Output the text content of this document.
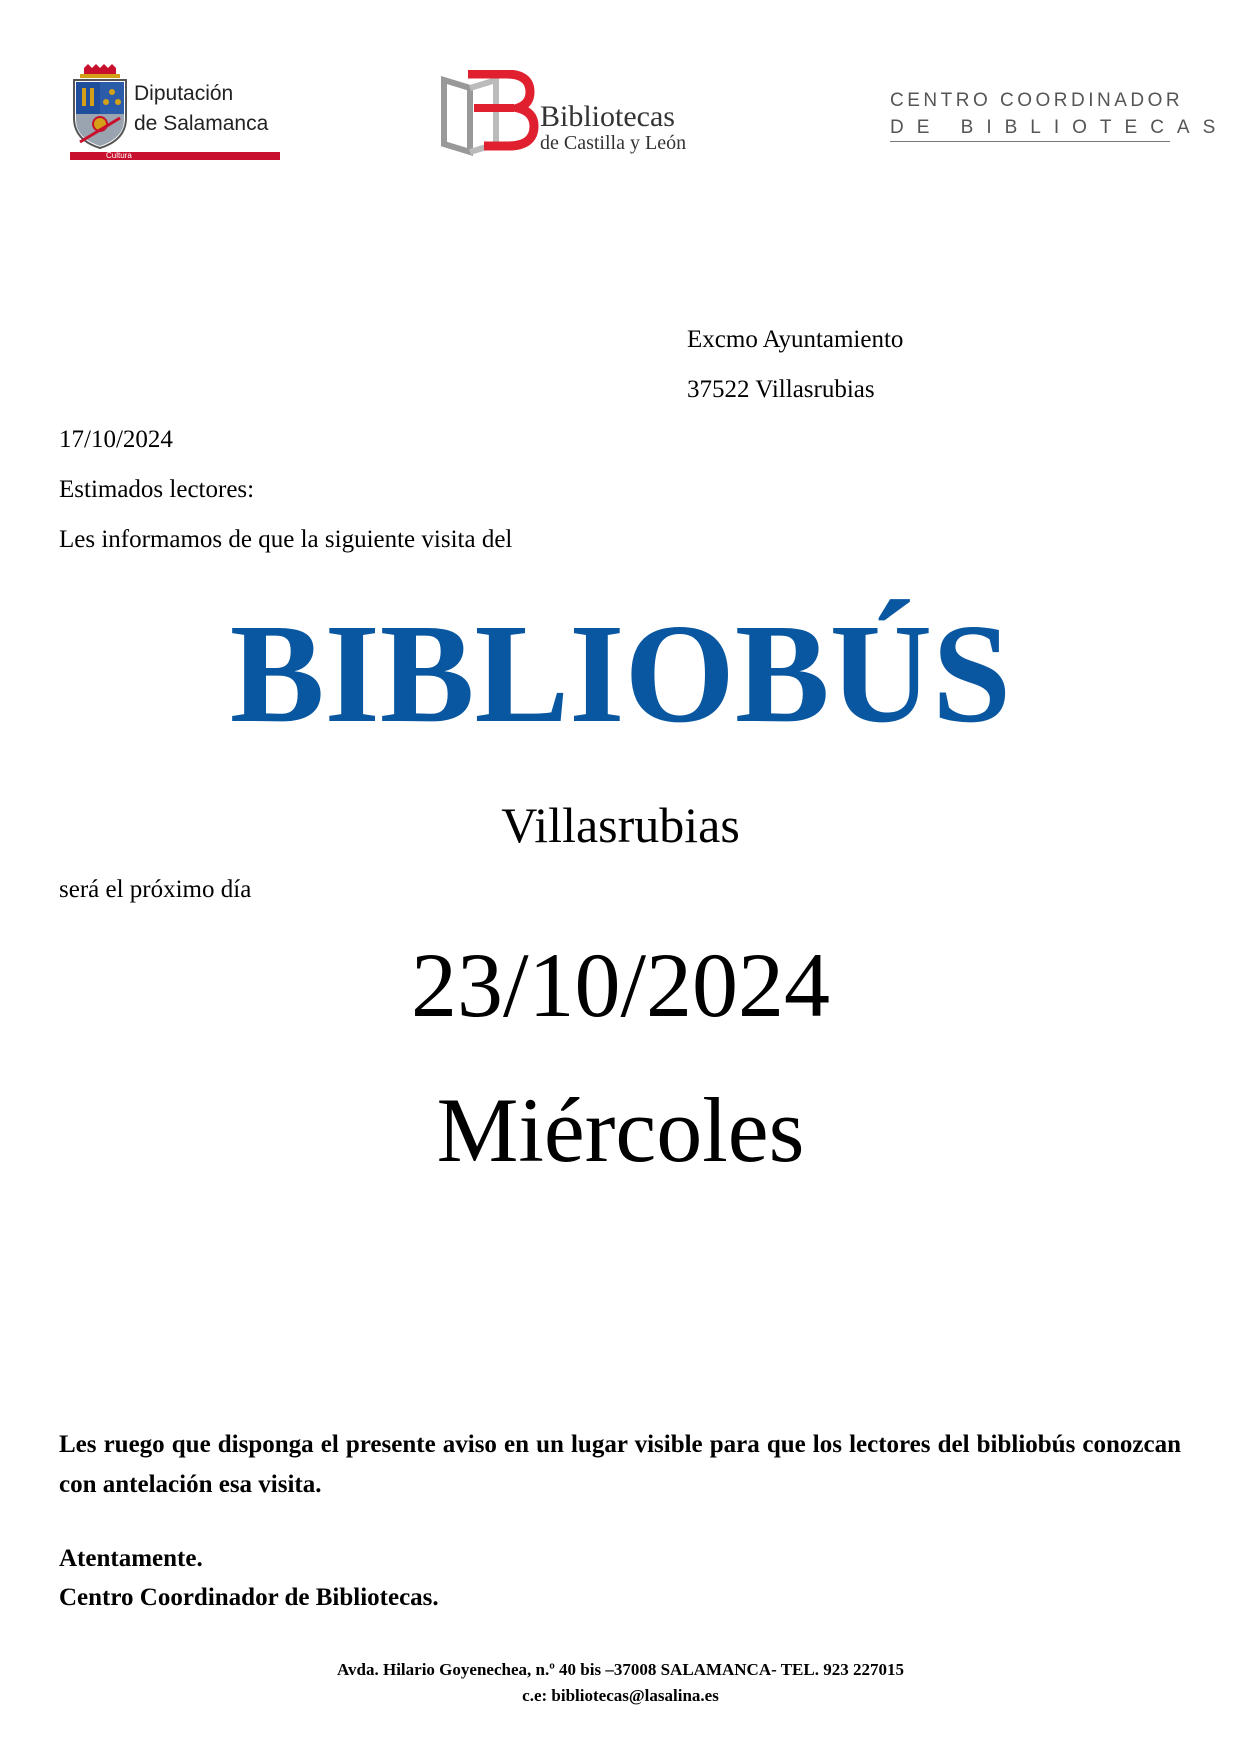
Diputación
de Salamanca
Cultura
Bibliotecas
de Castilla y León
CENTRO COORDINADOR
DE BIBLIOTECAS
Excmo Ayuntamiento
37522 Villasrubias
17/10/2024
Estimados lectores:
Les informamos de que la siguiente visita del
BIBLIOBÚS
Villasrubias
será el próximo día
23/10/2024
Miércoles
Les ruego que disponga el presente aviso en un lugar visible para que los lectores del bibliobús conozcan con antelación esa visita.
Atentamente.
Centro Coordinador de Bibliotecas.
Avda. Hilario Goyenechea, n.º 40 bis –37008 SALAMANCA- TEL. 923 227015
c.e: bibliotecas@lasalina.es
